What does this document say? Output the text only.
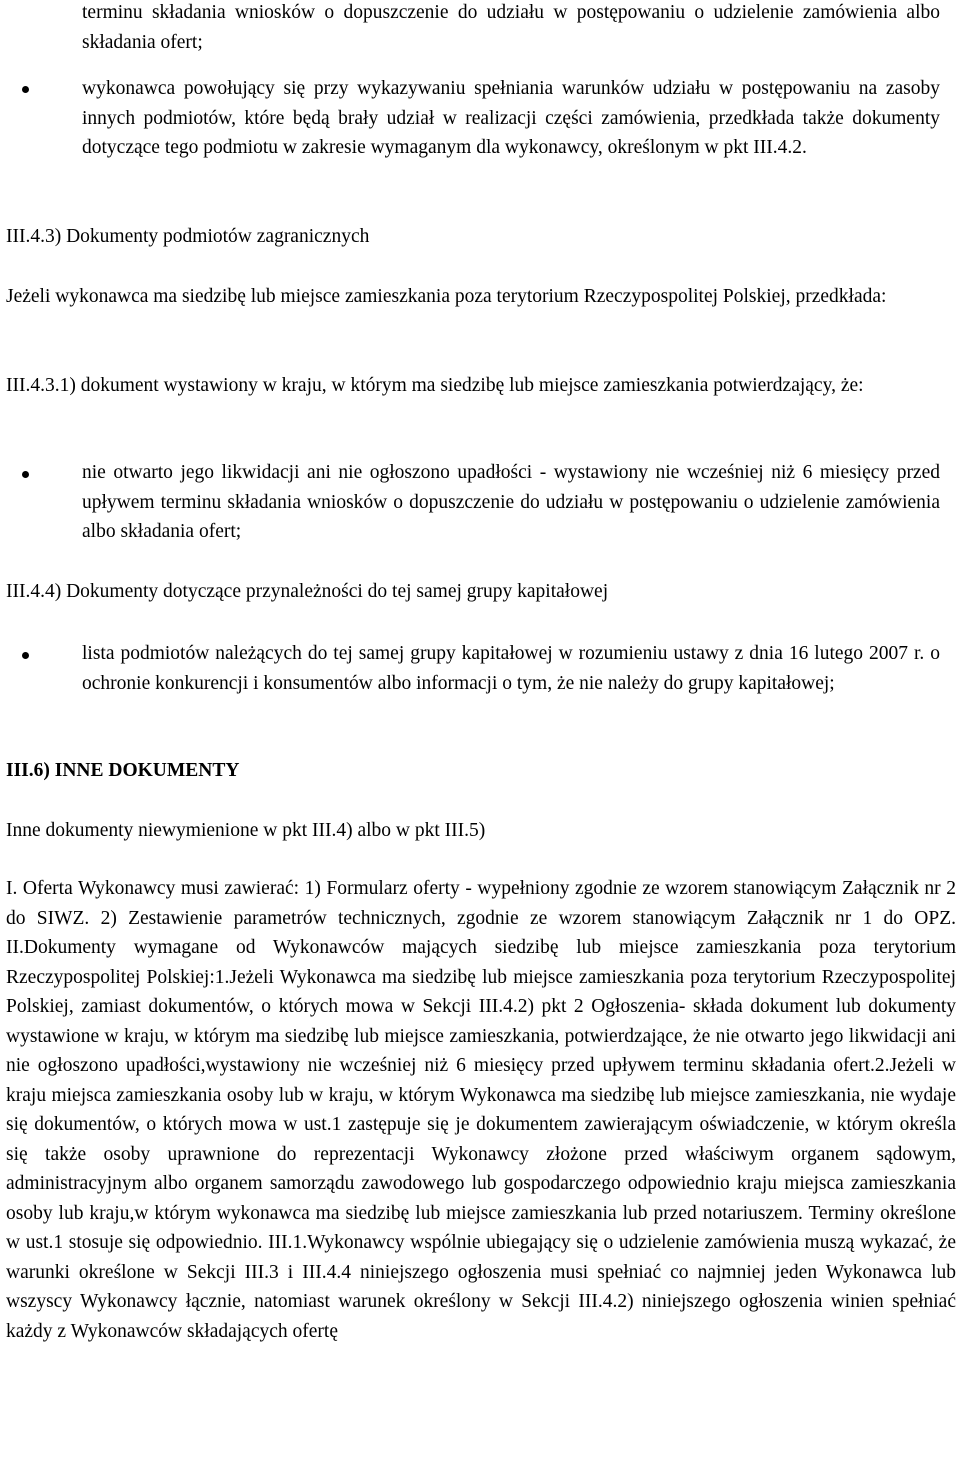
terminu składania wniosków o dopuszczenie do udziału w postępowaniu o udzielenie zamówienia albo składania ofert;
wykonawca powołujący się przy wykazywaniu spełniania warunków udziału w postępowaniu na zasoby innych podmiotów, które będą brały udział w realizacji części zamówienia, przedkłada także dokumenty dotyczące tego podmiotu w zakresie wymaganym dla wykonawcy, określonym w pkt III.4.2.
III.4.3) Dokumenty podmiotów zagranicznych
Jeżeli wykonawca ma siedzibę lub miejsce zamieszkania poza terytorium Rzeczypospolitej Polskiej, przedkłada:
III.4.3.1) dokument wystawiony w kraju, w którym ma siedzibę lub miejsce zamieszkania potwierdzający, że:
nie otwarto jego likwidacji ani nie ogłoszono upadłości - wystawiony nie wcześniej niż 6 miesięcy przed upływem terminu składania wniosków o dopuszczenie do udziału w postępowaniu o udzielenie zamówienia albo składania ofert;
III.4.4) Dokumenty dotyczące przynależności do tej samej grupy kapitałowej
lista podmiotów należących do tej samej grupy kapitałowej w rozumieniu ustawy z dnia 16 lutego 2007 r. o ochronie konkurencji i konsumentów albo informacji o tym, że nie należy do grupy kapitałowej;
III.6) INNE DOKUMENTY
Inne dokumenty niewymienione w pkt III.4) albo w pkt III.5)
I. Oferta Wykonawcy musi zawierać: 1) Formularz oferty - wypełniony zgodnie ze wzorem stanowiącym Załącznik nr 2 do SIWZ. 2) Zestawienie parametrów technicznych, zgodnie ze wzorem stanowiącym Załącznik nr 1 do OPZ. II.Dokumenty wymagane od Wykonawców mających siedzibę lub miejsce zamieszkania poza terytorium Rzeczypospolitej Polskiej:1.Jeżeli Wykonawca ma siedzibę lub miejsce zamieszkania poza terytorium Rzeczypospolitej Polskiej, zamiast dokumentów, o których mowa w Sekcji III.4.2) pkt 2 Ogłoszenia- składa dokument lub dokumenty wystawione w kraju, w którym ma siedzibę lub miejsce zamieszkania, potwierdzające, że nie otwarto jego likwidacji ani nie ogłoszono upadłości,wystawiony nie wcześniej niż 6 miesięcy przed upływem terminu składania ofert.2.Jeżeli w kraju miejsca zamieszkania osoby lub w kraju, w którym Wykonawca ma siedzibę lub miejsce zamieszkania, nie wydaje się dokumentów, o których mowa w ust.1 zastępuje się je dokumentem zawierającym oświadczenie, w którym określa się także osoby uprawnione do reprezentacji Wykonawcy złożone przed właściwym organem sądowym, administracyjnym albo organem samorządu zawodowego lub gospodarczego odpowiednio kraju miejsca zamieszkania osoby lub kraju,w którym wykonawca ma siedzibę lub miejsce zamieszkania lub przed notariuszem. Terminy określone w ust.1 stosuje się odpowiednio. III.1.Wykonawcy wspólnie ubiegający się o udzielenie zamówienia muszą wykazać, że warunki określone w Sekcji III.3 i III.4.4 niniejszego ogłoszenia musi spełniać co najmniej jeden Wykonawca lub wszyscy Wykonawcy łącznie, natomiast warunek określony w Sekcji III.4.2) niniejszego ogłoszenia winien spełniać każdy z Wykonawców składających ofertę
